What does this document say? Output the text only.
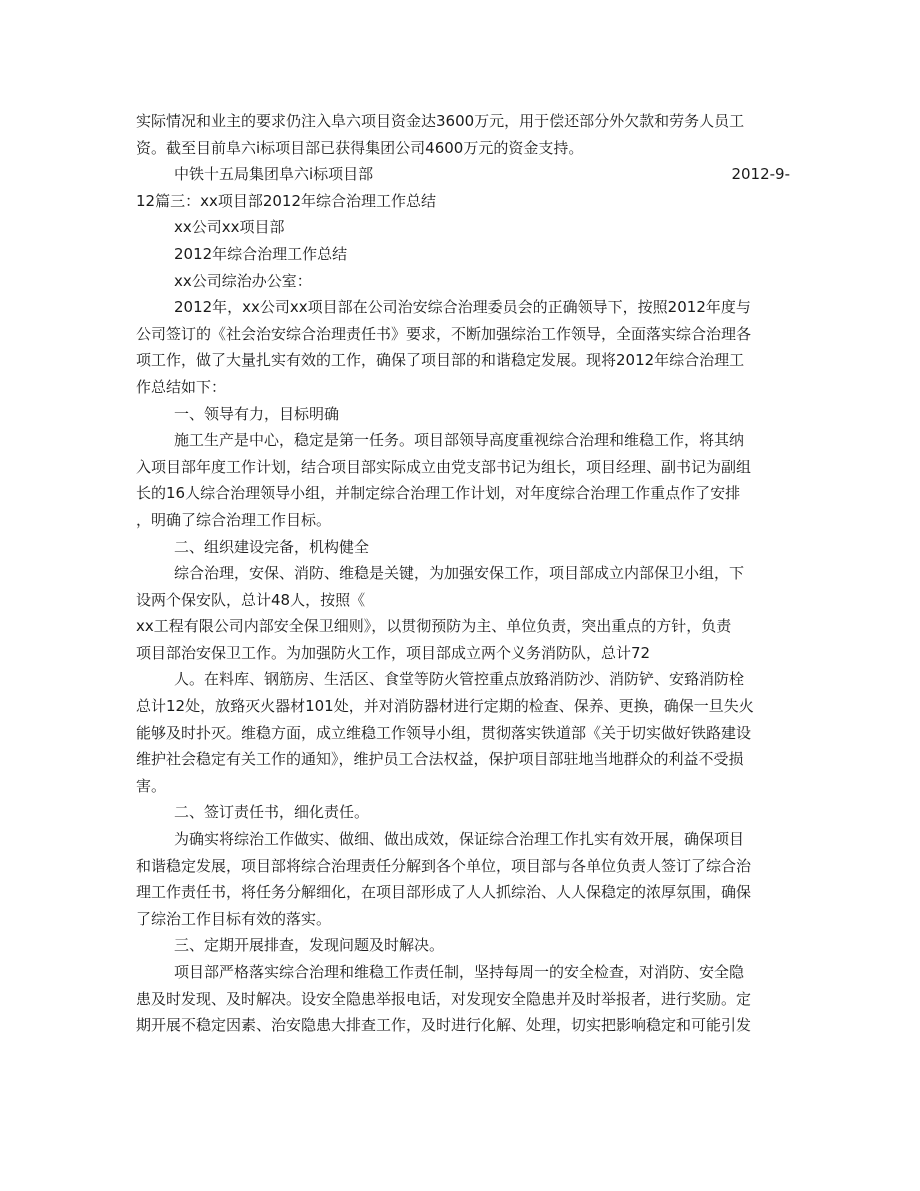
实际情况和业主的要求仍注入阜六项目资金达3600万元，用于偿还部分外欠款和劳务人员工
资。截至目前阜六i标项目部已获得集团公司4600万元的资金支持。
中铁十五局集团阜六i标项目部	2012-9-
12篇三：xx项目部2012年综合治理工作总结
xx公司xx项目部
2012年综合治理工作总结
xx公司综治办公室：
2012年，xx公司xx项目部在公司治安综合治理委员会的正确领导下，按照2012年度与
公司签订的《社会治安综合治理责任书》要求，不断加强综治工作领导，全面落实综合治理各
项工作，做了大量扎实有效的工作，确保了项目部的和谐稳定发展。现将2012年综合治理工
作总结如下：
一、领导有力，目标明确
施工生产是中心，稳定是第一任务。项目部领导高度重视综合治理和维稳工作，将其纳
入项目部年度工作计划，结合项目部实际成立由党支部书记为组长，项目经理、副书记为副组
长的16人综合治理领导小组，并制定综合治理工作计划，对年度综合治理工作重点作了安排
，明确了综合治理工作目标。
二、组织建设完备，机构健全
综合治理，安保、消防、维稳是关键，为加强安保工作，项目部成立内部保卫小组，下
设两个保安队，总计48人，按照《
xx工程有限公司内部安全保卫细则》，以贯彻预防为主、单位负责，突出重点的方针，负责
项目部治安保卫工作。为加强防火工作，项目部成立两个义务消防队，总计72
人。在料库、钢筋房、生活区、食堂等防火管控重点放臵消防沙、消防铲、安臵消防栓
总计12处，放臵灭火器材101处，并对消防器材进行定期的检查、保养、更换，确保一旦失火
能够及时扑灭。维稳方面，成立维稳工作领导小组，贯彻落实铁道部《关于切实做好铁路建设
维护社会稳定有关工作的通知》，维护员工合法权益，保护项目部驻地当地群众的利益不受损
害。
二、签订责任书，细化责任。
为确实将综治工作做实、做细、做出成效，保证综合治理工作扎实有效开展，确保项目
和谐稳定发展，项目部将综合治理责任分解到各个单位，项目部与各单位负责人签订了综合治
理工作责任书，将任务分解细化，在项目部形成了人人抓综治、人人保稳定的浓厚氛围，确保
了综治工作目标有效的落实。
三、定期开展排查，发现问题及时解决。
项目部严格落实综合治理和维稳工作责任制，坚持每周一的安全检查，对消防、安全隐
患及时发现、及时解决。设安全隐患举报电话，对发现安全隐患并及时举报者，进行奖励。定
期开展不稳定因素、治安隐患大排查工作，及时进行化解、处理，切实把影响稳定和可能引发
